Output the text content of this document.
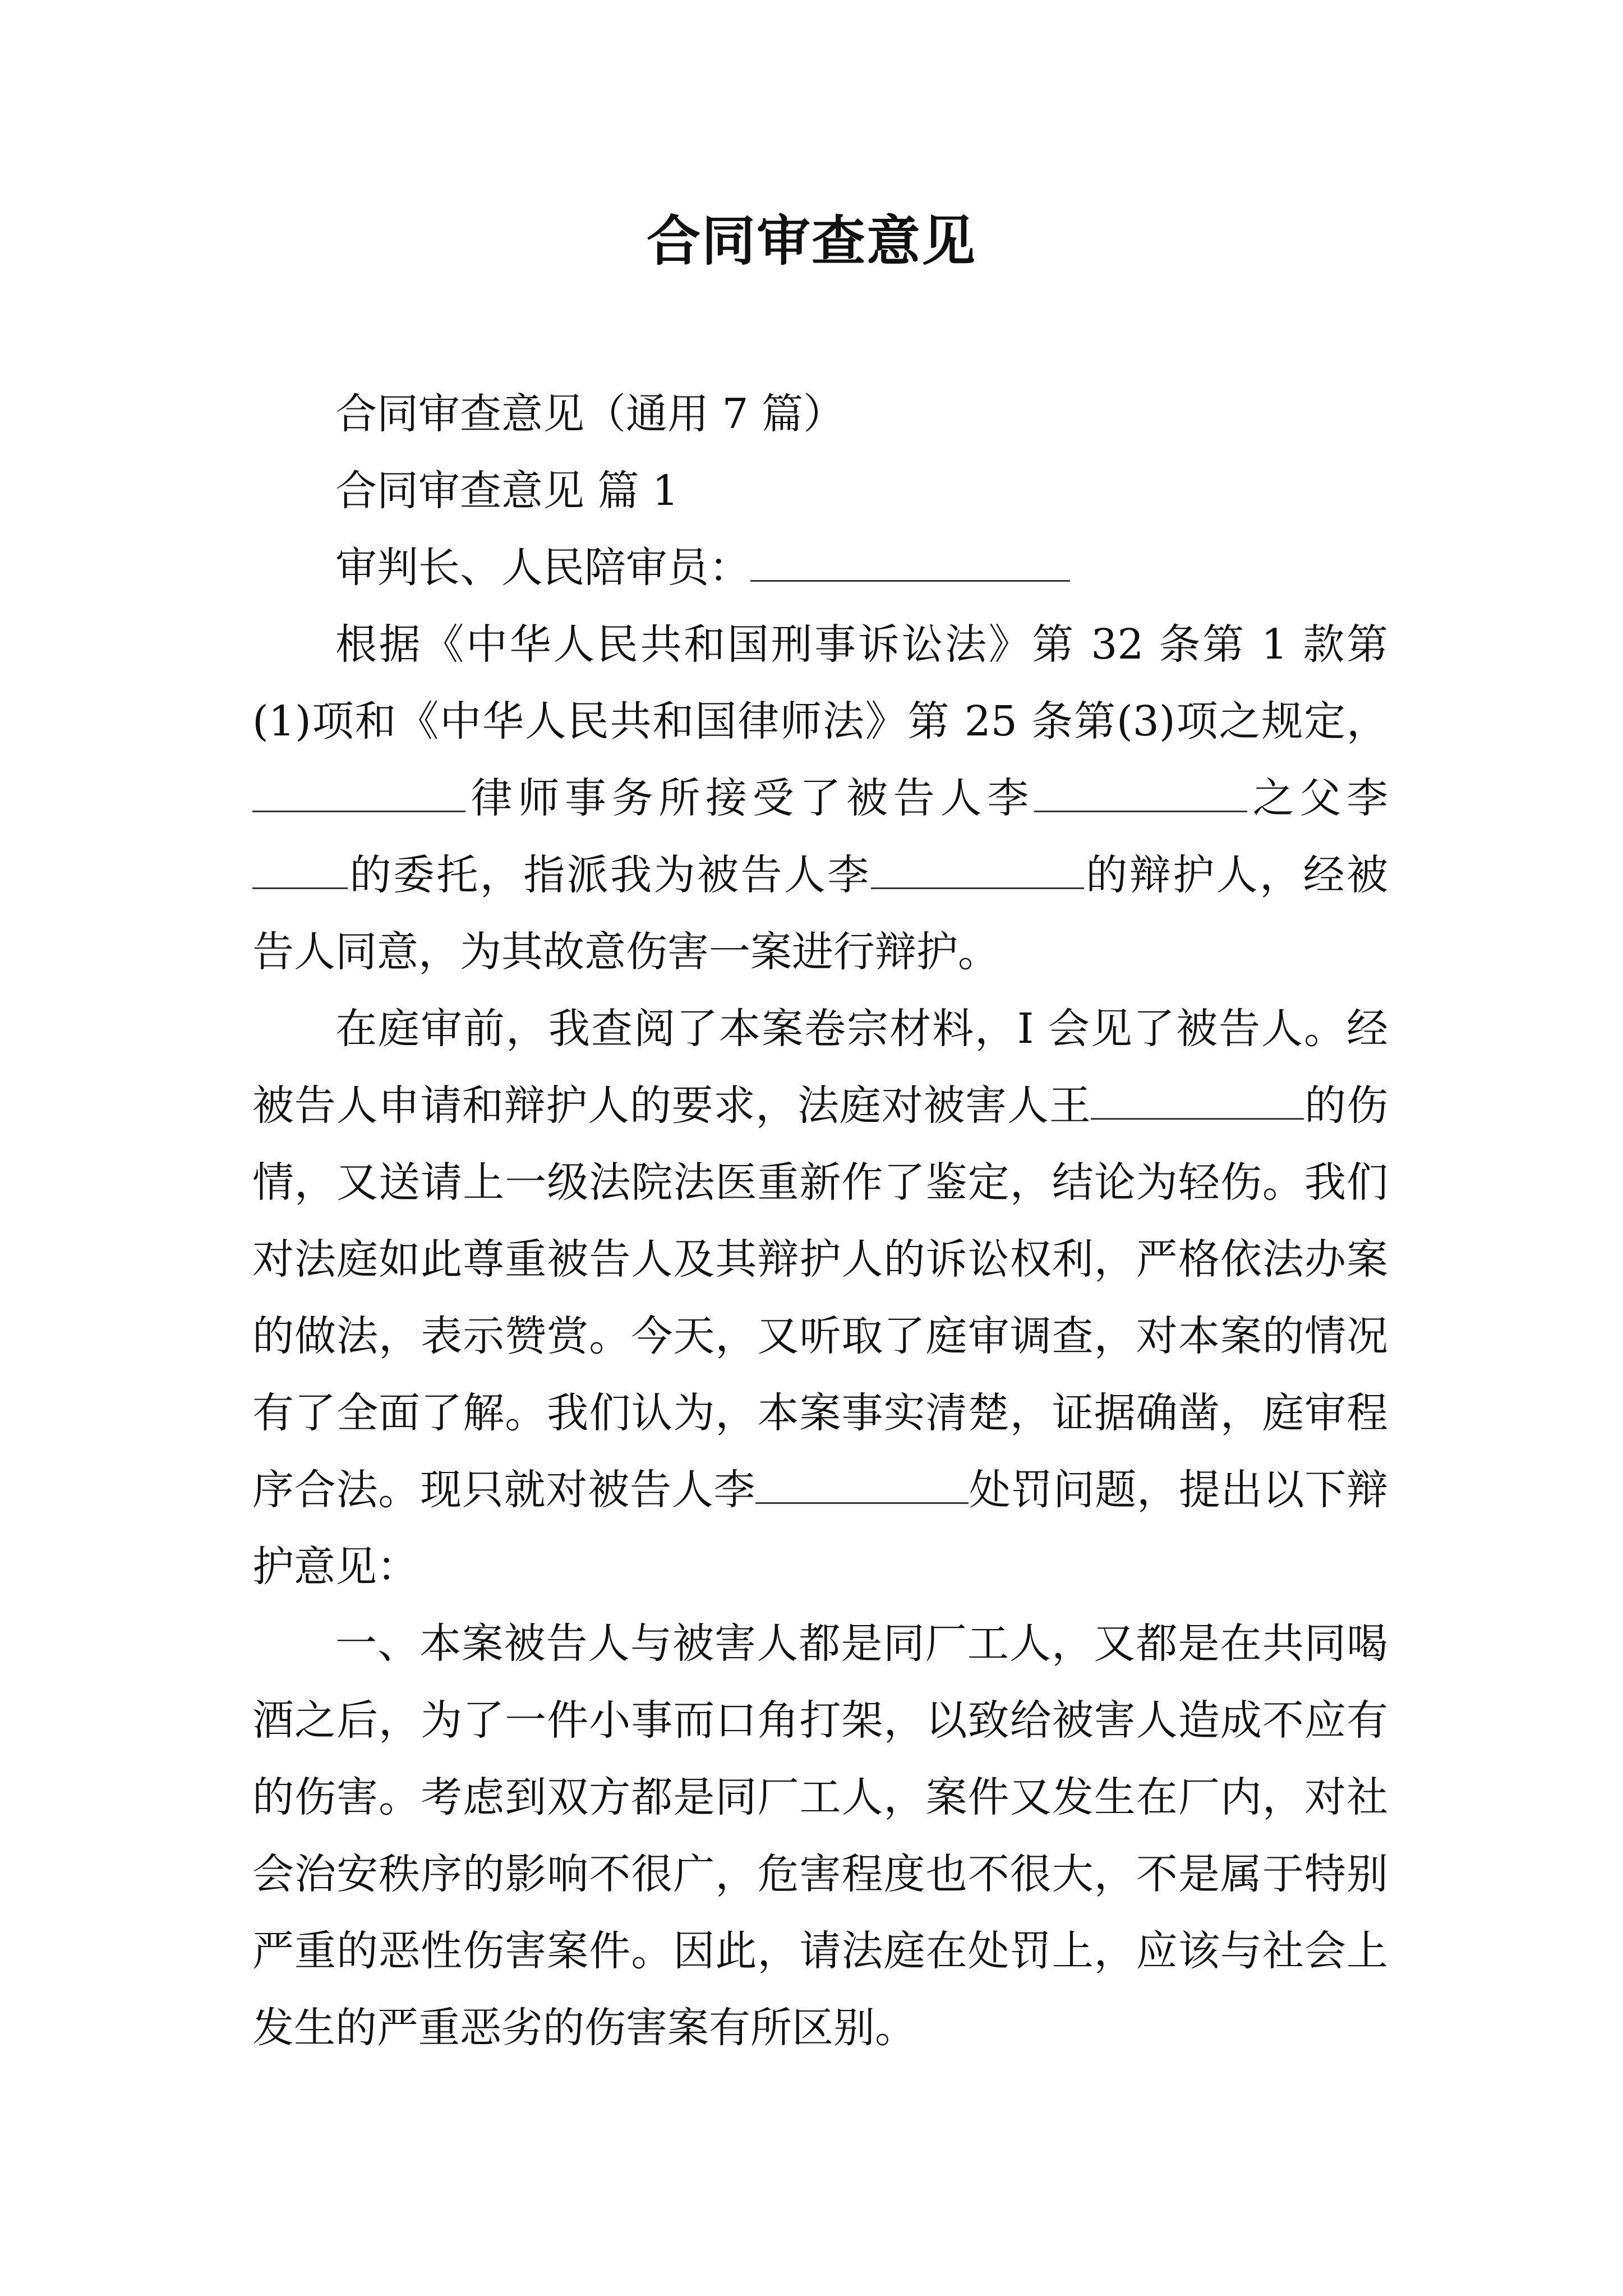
合同审查意见

合同审查意见（通用 7 篇）

合同审查意见 篇 1

审判长、人民陪审员：

根据《中华人民共和国刑事诉讼法》第 32 条第 1 款第(1)项和《中华人民共和国律师法》第 25 条第(3)项之规定，律师事务所接受了被告人李	之父李的委托，指派我为被告人李	的辩护人，经被告人同意，为其故意伤害一案进行辩护。

在庭审前，我查阅了本案卷宗材料，I 会见了被告人。经被告人申请和辩护人的要求，法庭对被害人王	的伤情，又送请上一级法院法医重新作了鉴定，结论为轻伤。我们对法庭如此尊重被告人及其辩护人的诉讼权利，严格依法办案的做法，表示赞赏。今天，又听取了庭审调查，对本案的情况有了全面了解。我们认为，本案事实清楚，证据确凿，庭审程序合法。现只就对被告人李	处罚问题，提出以下辩护意见：

一、本案被告人与被害人都是同厂工人，又都是在共同喝酒之后，为了一件小事而口角打架，以致给被害人造成不应有的伤害。考虑到双方都是同厂工人，案件又发生在厂内，对社会治安秩序的影响不很广，危害程度也不很大，不是属于特别严重的恶性伤害案件。因此，请法庭在处罚上，应该与社会上发生的严重恶劣的伤害案有所区别。
